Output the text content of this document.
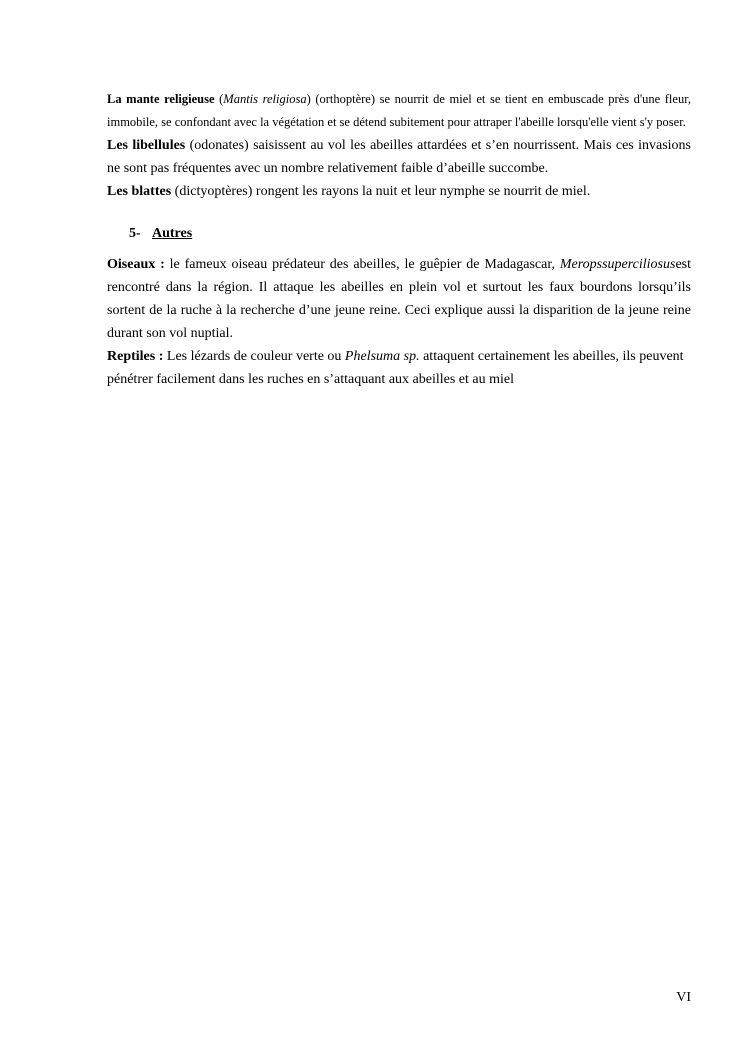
La mante religieuse (Mantis religiosa) (orthoptère) se nourrit de miel et se tient en embuscade près d'une fleur, immobile, se confondant avec la végétation et se détend subitement pour attraper l'abeille lorsqu'elle vient s'y poser.

Les libellules (odonates) saisissent au vol les abeilles attardées et s’en nourrissent. Mais ces invasions ne sont pas fréquentes avec un nombre relativement faible d’abeille succombe.

Les blattes (dictyoptères) rongent les rayons la nuit et leur nymphe se nourrit de miel.

5- Autres

Oiseaux : le fameux oiseau prédateur des abeilles, le guêpier de Madagascar, Meropssuperciliosusest rencontré dans la région. Il attaque les abeilles en plein vol et surtout les faux bourdons lorsqu’ils sortent de la ruche à la recherche d’une jeune reine. Ceci explique aussi la disparition de la jeune reine durant son vol nuptial.

Reptiles : Les lézards de couleur verte ou Phelsuma sp. attaquent certainement les abeilles, ils peuvent pénétrer facilement dans les ruches en s’attaquant aux abeilles et au miel

VI
